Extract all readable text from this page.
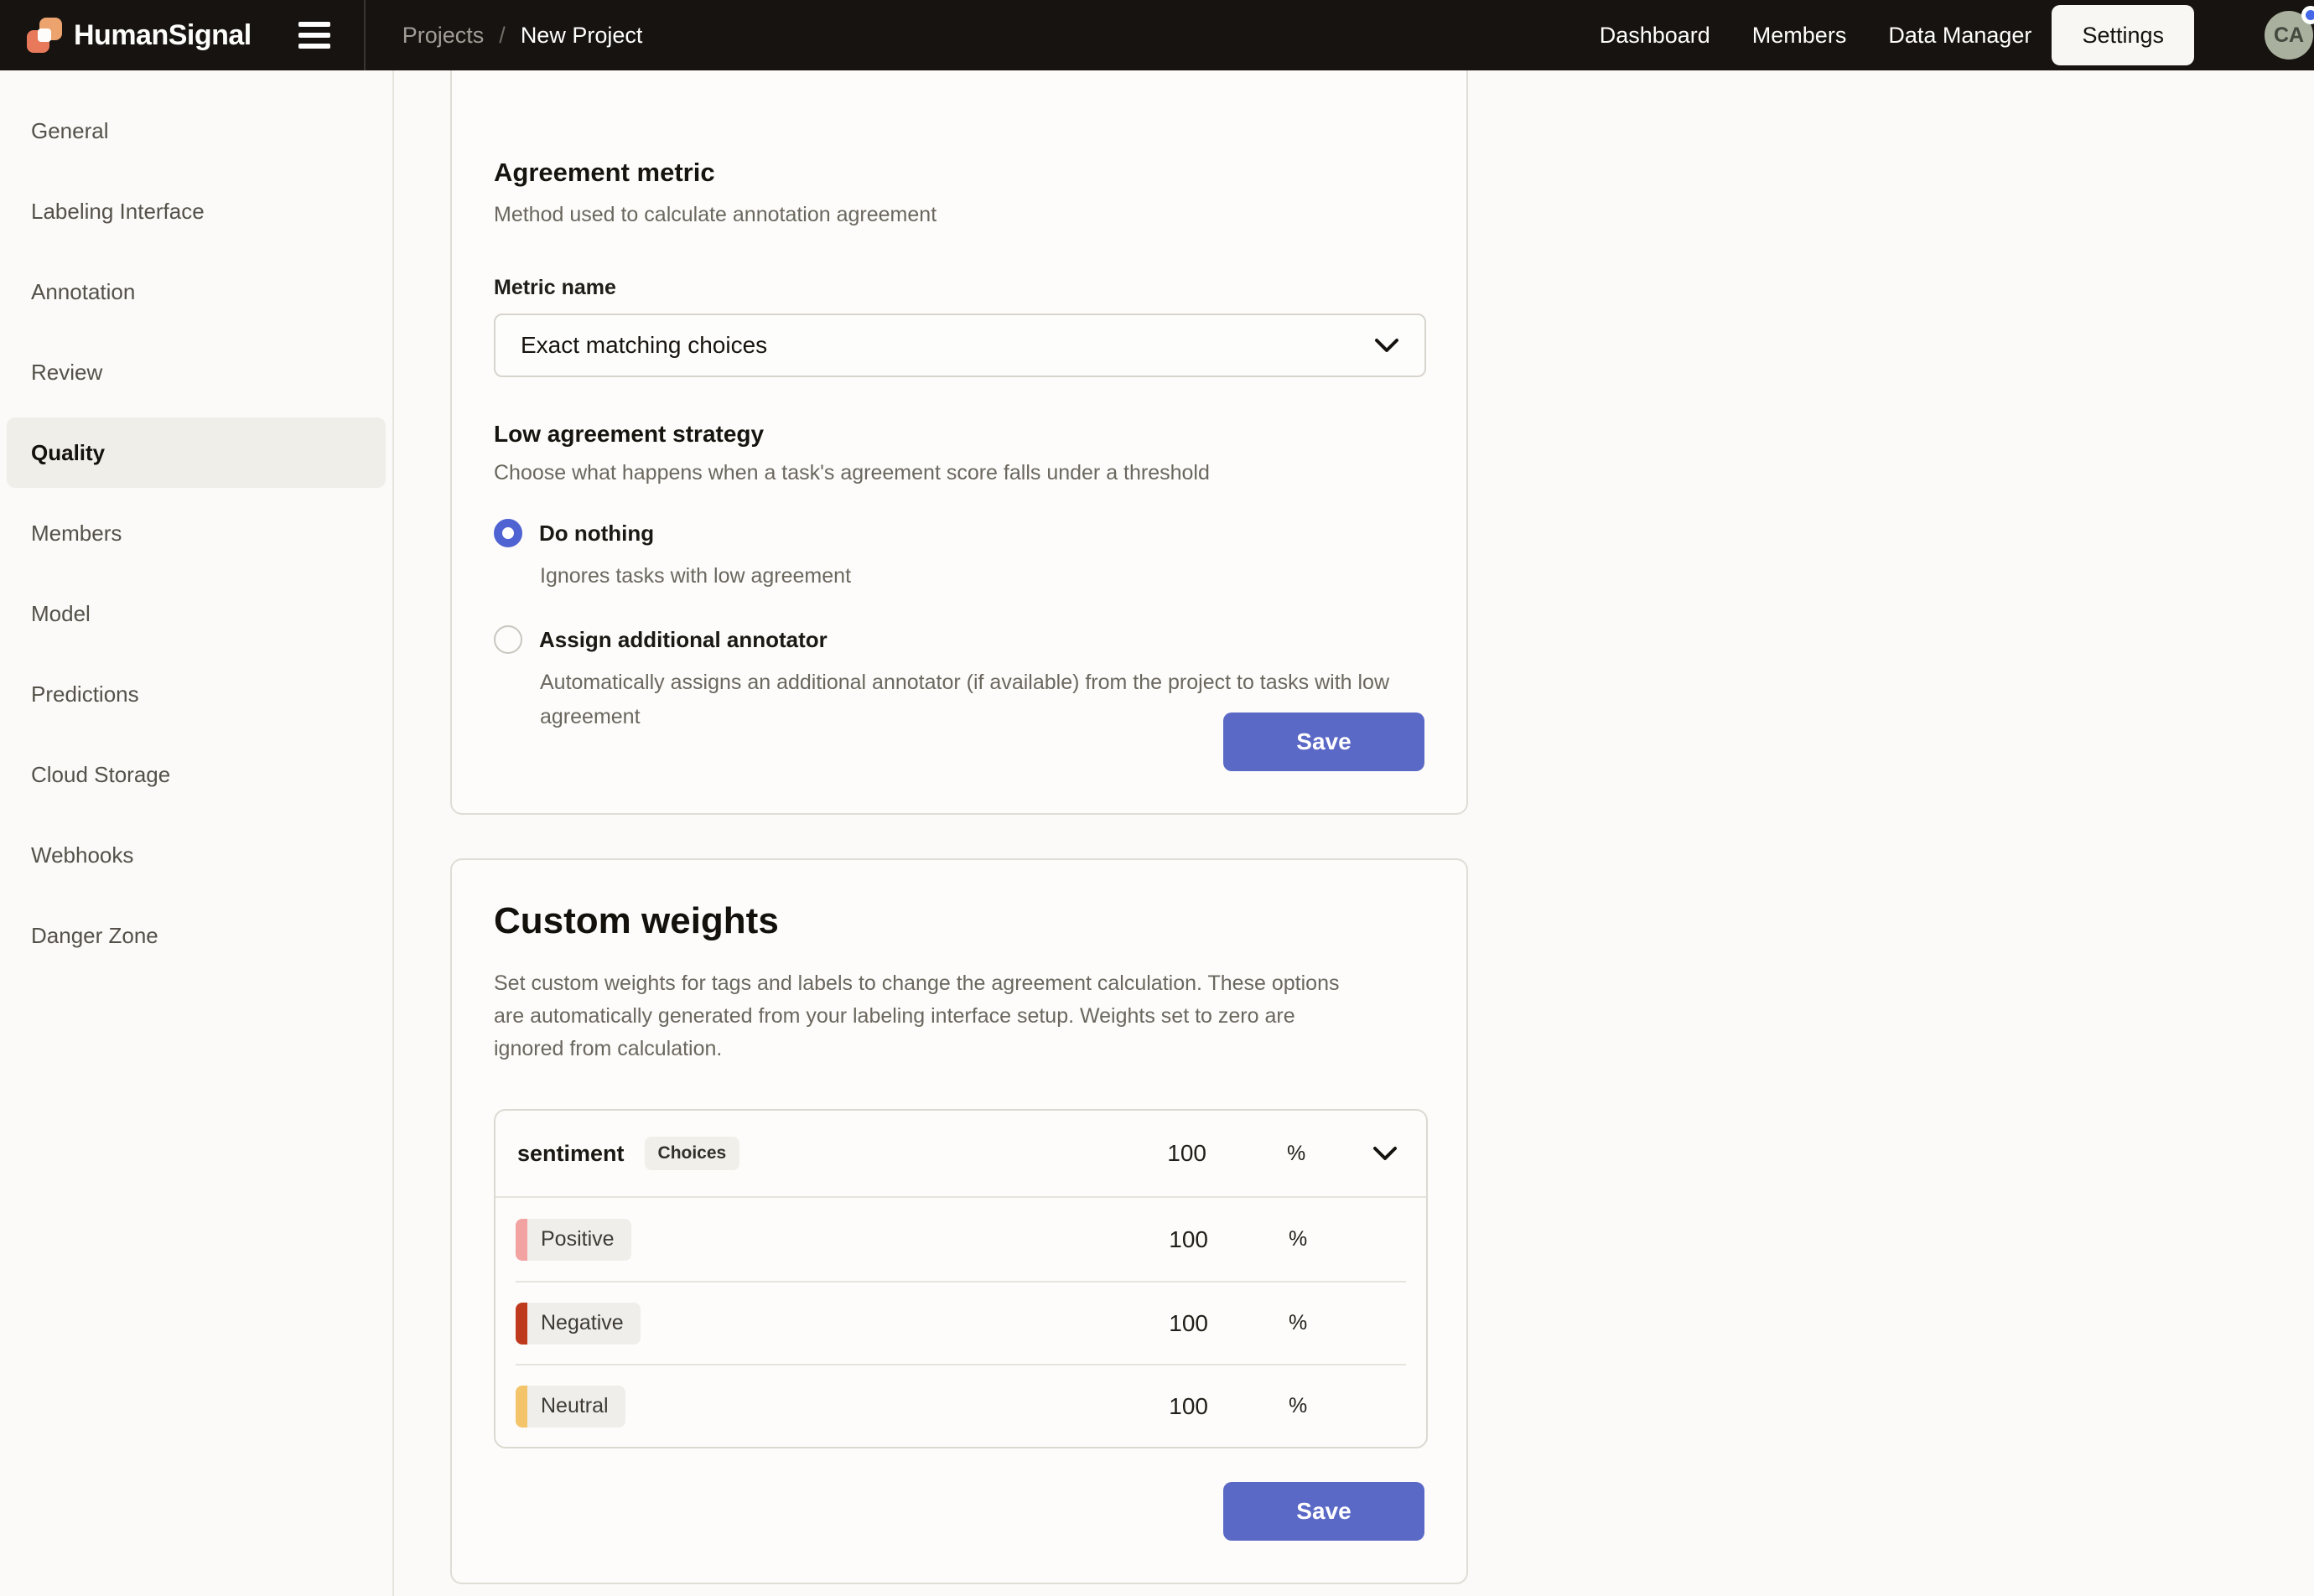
HumanSignal	Projects / New Project	Dashboard Members Data Manager	Settings	CA
General
Labeling Interface
Annotation
Review
Quality
Members
Model
Predictions
Cloud Storage
Webhooks
Danger Zone
Agreement metric

Method used to calculate annotation agreement

Metric name
Exact matching choices
Low agreement strategy

Choose what happens when a task's agreement score falls under a threshold

Do nothing

Ignores tasks with low agreement

Assign additional annotator

Automatically assigns an additional annotator (if available) from the project to tasks with low agreement

Save
Custom weights

Set custom weights for tags and labels to change the agreement calculation. These options are automatically generated from your labeling interface setup. Weights set to zero are ignored from calculation.

sentiment	Choices	100	%
Positive	100	%
Negative	100	%
Neutral	100	%
Save
